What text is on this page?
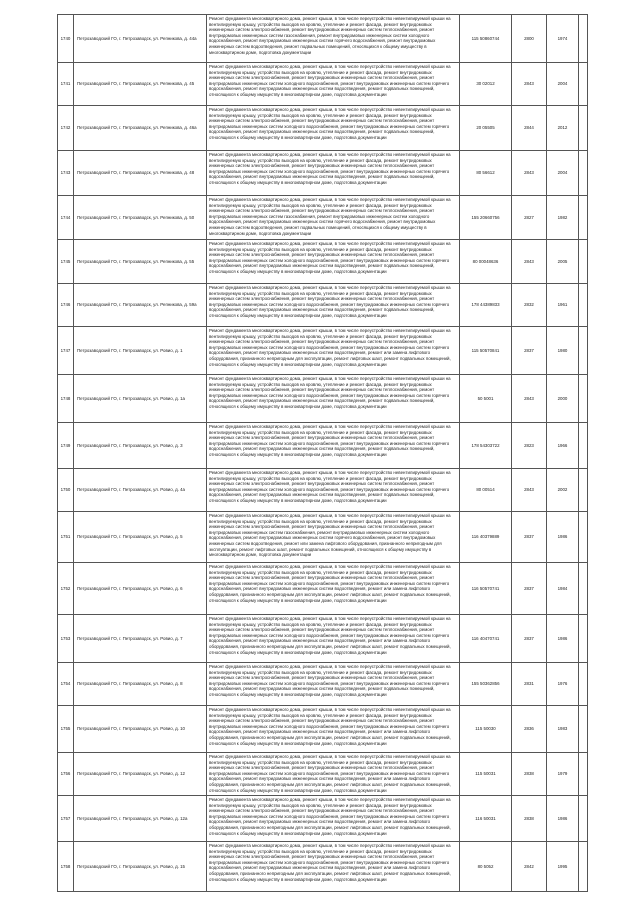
1740	Петрозаводский ГО, г. Петрозаводск, ул. Репникова, д. 44а	Ремонт фундамента многоквартирного дома, ремонт крыши, в том числе переустройство невентилируемой крыши на вентилируемую крышу, устройство выходов на кровлю, утепление и ремонт фасада, ремонт внутридомовых инженерных систем электроснабжения, ремонт внутридомовых инженерных систем теплоснабжения, ремонт внутридомовых инженерных систем газоснабжения, ремонт внутридомовых инженерных систем холодного водоснабжения, ремонт внутридомовых инженерных систем горячего водоснабжения, ремонт внутридомовых инженерных систем водоотведения, ремонт подвальных помещений, относящихся к общему имуществу в многоквартирном доме, подготовка документации	115 50860744	2800	1974	
1741	Петрозаводский ГО, г. Петрозаводск, ул. Репникова, д. 45	Ремонт фундамента многоквартирного дома, ремонт крыши, в том числе переустройство невентилируемой крыши на вентилируемую крышу, устройство выходов на кровлю, утепление и ремонт фасада, ремонт внутридомовых инженерных систем электроснабжения, ремонт внутридомовых инженерных систем теплоснабжения, ремонт внутридомовых инженерных систем холодного водоснабжения, ремонт внутридомовых инженерных систем горячего водоснабжения, ремонт внутридомовых инженерных систем водоотведения, ремонт подвальных помещений, относящихся к общему имуществу в многоквартирном доме, подготовка документации	30 02012	2843	2004	
1742	Петрозаводский ГО, г. Петрозаводск, ул. Репникова, д. 46а	Ремонт фундамента многоквартирного дома, ремонт крыши, в том числе переустройство невентилируемой крыши на вентилируемую крышу, устройство выходов на кровлю, утепление и ремонт фасада, ремонт внутридомовых инженерных систем электроснабжения, ремонт внутридомовых инженерных систем теплоснабжения, ремонт внутридомовых инженерных систем холодного водоснабжения, ремонт внутридомовых инженерных систем горячего водоснабжения, ремонт внутридомовых инженерных систем водоотведения, ремонт подвальных помещений, относящихся к общему имуществу в многоквартирном доме, подготовка документации	20 05505	2844	2012	
1743	Петрозаводский ГО, г. Петрозаводск, ул. Репникова, д. 48	Ремонт фундамента многоквартирного дома, ремонт крыши, в том числе переустройство невентилируемой крыши на вентилируемую крышу, устройство выходов на кровлю, утепление и ремонт фасада, ремонт внутридомовых инженерных систем электроснабжения, ремонт внутридомовых инженерных систем теплоснабжения, ремонт внутридомовых инженерных систем холодного водоснабжения, ремонт внутридомовых инженерных систем горячего водоснабжения, ремонт внутридомовых инженерных систем водоотведения, ремонт подвальных помещений, относящихся к общему имуществу в многоквартирном доме, подготовка документации	80 56612	2843	2004	
1744	Петрозаводский ГО, г. Петрозаводск, ул. Репникова, д. 50	Ремонт фундамента многоквартирного дома, ремонт крыши, в том числе переустройство невентилируемой крыши на вентилируемую крышу, устройство выходов на кровлю, утепление и ремонт фасада, ремонт внутридомовых инженерных систем электроснабжения, ремонт внутридомовых инженерных систем теплоснабжения, ремонт внутридомовых инженерных систем газоснабжения, ремонт внутридомовых инженерных систем холодного водоснабжения, ремонт внутридомовых инженерных систем горячего водоснабжения, ремонт внутридомовых инженерных систем водоотведения, ремонт подвальных помещений, относящихся к общему имуществу в многоквартирном доме, подготовка документации	155 20660756	2827	1982	
1745	Петрозаводский ГО, г. Петрозаводск, ул. Репникова, д. 55	Ремонт фундамента многоквартирного дома, ремонт крыши, в том числе переустройство невентилируемой крыши на вентилируемую крышу, устройство выходов на кровлю, утепление и ремонт фасада, ремонт внутридомовых инженерных систем электроснабжения, ремонт внутридомовых инженерных систем теплоснабжения, ремонт внутридомовых инженерных систем холодного водоснабжения, ремонт внутридомовых инженерных систем горячего водоснабжения, ремонт внутридомовых инженерных систем водоотведения, ремонт подвальных помещений, относящихся к общему имуществу в многоквартирном доме, подготовка документации	80 00048636	2843	2005	
1746	Петрозаводский ГО, г. Петрозаводск, ул. Репникова, д. 59а	Ремонт фундамента многоквартирного дома, ремонт крыши, в том числе переустройство невентилируемой крыши на вентилируемую крышу, устройство выходов на кровлю, утепление и ремонт фасада, ремонт внутридомовых инженерных систем электроснабжения, ремонт внутридомовых инженерных систем теплоснабжения, ремонт внутридомовых инженерных систем холодного водоснабжения, ремонт внутридомовых инженерных систем горячего водоснабжения, ремонт внутридомовых инженерных систем водоотведения, ремонт подвальных помещений, относящихся к общему имуществу в многоквартирном доме, подготовка документации	178 44389833	2832	1961	
1747	Петрозаводский ГО, г. Петрозаводск, ул. Ровио, д. 1	Ремонт фундамента многоквартирного дома, ремонт крыши, в том числе переустройство невентилируемой крыши на вентилируемую крышу, устройство выходов на кровлю, утепление и ремонт фасада, ремонт внутридомовых инженерных систем электроснабжения, ремонт внутридомовых инженерных систем теплоснабжения, ремонт внутридомовых инженерных систем холодного водоснабжения, ремонт внутридомовых инженерных систем горячего водоснабжения, ремонт внутридомовых инженерных систем водоотведения, ремонт или замена лифтового оборудования, признанного непригодным для эксплуатации, ремонт лифтовых шахт, ремонт подвальных помещений, относящихся к общему имуществу в многоквартирном доме, подготовка документации	115 50570841	2837	1980	
1748	Петрозаводский ГО, г. Петрозаводск, ул. Ровио, д. 1а	Ремонт фундамента многоквартирного дома, ремонт крыши, в том числе переустройство невентилируемой крыши на вентилируемую крышу, устройство выходов на кровлю, утепление и ремонт фасада, ремонт внутридомовых инженерных систем электроснабжения, ремонт внутридомовых инженерных систем теплоснабжения, ремонт внутридомовых инженерных систем холодного водоснабжения, ремонт внутридомовых инженерных систем горячего водоснабжения, ремонт внутридомовых инженерных систем водоотведения, ремонт подвальных помещений, относящихся к общему имуществу в многоквартирном доме, подготовка документации	50 5001	2843	2000	
1749	Петрозаводский ГО, г. Петрозаводск, ул. Ровио, д. 3	Ремонт фундамента многоквартирного дома, ремонт крыши, в том числе переустройство невентилируемой крыши на вентилируемую крышу, устройство выходов на кровлю, утепление и ремонт фасада, ремонт внутридомовых инженерных систем электроснабжения, ремонт внутридомовых инженерных систем теплоснабжения, ремонт внутридомовых инженерных систем холодного водоснабжения, ремонт внутридомовых инженерных систем горячего водоснабжения, ремонт внутридомовых инженерных систем водоотведения, ремонт подвальных помещений, относящихся к общему имуществу в многоквартирном доме, подготовка документации	178 54303722	2823	1966	
1750	Петрозаводский ГО, г. Петрозаводск, ул. Ровио, д. 4а	Ремонт фундамента многоквартирного дома, ремонт крыши, в том числе переустройство невентилируемой крыши на вентилируемую крышу, устройство выходов на кровлю, утепление и ремонт фасада, ремонт внутридомовых инженерных систем электроснабжения, ремонт внутридомовых инженерных систем теплоснабжения, ремонт внутридомовых инженерных систем холодного водоснабжения, ремонт внутридомовых инженерных систем горячего водоснабжения, ремонт внутридомовых инженерных систем водоотведения, ремонт подвальных помещений, относящихся к общему имуществу в многоквартирном доме, подготовка документации	80 00514	2843	2002	
1751	Петрозаводский ГО, г. Петрозаводск, ул. Ровио, д. 5	Ремонт фундамента многоквартирного дома, ремонт крыши, в том числе переустройство невентилируемой крыши на вентилируемую крышу, устройство выходов на кровлю, утепление и ремонт фасада, ремонт внутридомовых инженерных систем электроснабжения, ремонт внутридомовых инженерных систем теплоснабжения, ремонт внутридомовых инженерных систем газоснабжения, ремонт внутридомовых инженерных систем холодного водоснабжения, ремонт внутридомовых инженерных систем горячего водоснабжения, ремонт внутридомовых инженерных систем водоотведения, ремонт или замена лифтового оборудования, признанного непригодным для эксплуатации, ремонт лифтовых шахт, ремонт подвальных помещений, относящихся к общему имуществу в многоквартирном доме, подготовка документации	116 40379889	2837	1986	
1752	Петрозаводский ГО, г. Петрозаводск, ул. Ровио, д. 6	Ремонт фундамента многоквартирного дома, ремонт крыши, в том числе переустройство невентилируемой крыши на вентилируемую крышу, устройство выходов на кровлю, утепление и ремонт фасада, ремонт внутридомовых инженерных систем электроснабжения, ремонт внутридомовых инженерных систем теплоснабжения, ремонт внутридомовых инженерных систем холодного водоснабжения, ремонт внутридомовых инженерных систем горячего водоснабжения, ремонт внутридомовых инженерных систем водоотведения, ремонт или замена лифтового оборудования, признанного непригодным для эксплуатации, ремонт лифтовых шахт, ремонт подвальных помещений, относящихся к общему имуществу в многоквартирном доме, подготовка документации	116 50570741	2837	1984	
1753	Петрозаводский ГО, г. Петрозаводск, ул. Ровио, д. 7	Ремонт фундамента многоквартирного дома, ремонт крыши, в том числе переустройство невентилируемой крыши на вентилируемую крышу, устройство выходов на кровлю, утепление и ремонт фасада, ремонт внутридомовых инженерных систем электроснабжения, ремонт внутридомовых инженерных систем теплоснабжения, ремонт внутридомовых инженерных систем холодного водоснабжения, ремонт внутридомовых инженерных систем горячего водоснабжения, ремонт внутридомовых инженерных систем водоотведения, ремонт или замена лифтового оборудования, признанного непригодным для эксплуатации, ремонт лифтовых шахт, ремонт подвальных помещений, относящихся к общему имуществу в многоквартирном доме, подготовка документации	116 40470741	2837	1986	
1754	Петрозаводский ГО, г. Петрозаводск, ул. Ровио, д. 8	Ремонт фундамента многоквартирного дома, ремонт крыши, в том числе переустройство невентилируемой крыши на вентилируемую крышу, устройство выходов на кровлю, утепление и ремонт фасада, ремонт внутридомовых инженерных систем электроснабжения, ремонт внутридомовых инженерных систем теплоснабжения, ремонт внутридомовых инженерных систем холодного водоснабжения, ремонт внутридомовых инженерных систем горячего водоснабжения, ремонт внутридомовых инженерных систем водоотведения, ремонт подвальных помещений, относящихся к общему имуществу в многоквартирном доме, подготовка документации	155 50362856	2831	1976	
1755	Петрозаводский ГО, г. Петрозаводск, ул. Ровио, д. 10	Ремонт фундамента многоквартирного дома, ремонт крыши, в том числе переустройство невентилируемой крыши на вентилируемую крышу, устройство выходов на кровлю, утепление и ремонт фасада, ремонт внутридомовых инженерных систем электроснабжения, ремонт внутридомовых инженерных систем теплоснабжения, ремонт внутридомовых инженерных систем холодного водоснабжения, ремонт внутридомовых инженерных систем горячего водоснабжения, ремонт внутридомовых инженерных систем водоотведения, ремонт или замена лифтового оборудования, признанного непригодным для эксплуатации, ремонт лифтовых шахт, ремонт подвальных помещений, относящихся к общему имуществу в многоквартирном доме, подготовка документации	115 50030	2836	1983	
1756	Петрозаводский ГО, г. Петрозаводск, ул. Ровио, д. 12	Ремонт фундамента многоквартирного дома, ремонт крыши, в том числе переустройство невентилируемой крыши на вентилируемую крышу, устройство выходов на кровлю, утепление и ремонт фасада, ремонт внутридомовых инженерных систем электроснабжения, ремонт внутридомовых инженерных систем теплоснабжения, ремонт внутридомовых инженерных систем холодного водоснабжения, ремонт внутридомовых инженерных систем горячего водоснабжения, ремонт внутридомовых инженерных систем водоотведения, ремонт или замена лифтового оборудования, признанного непригодным для эксплуатации, ремонт лифтовых шахт, ремонт подвальных помещений, относящихся к общему имуществу в многоквартирном доме, подготовка документации	115 50031	2838	1979	
1757	Петрозаводский ГО, г. Петрозаводск, ул. Ровио, д. 12а	Ремонт фундамента многоквартирного дома, ремонт крыши, в том числе переустройство невентилируемой крыши на вентилируемую крышу, устройство выходов на кровлю, утепление и ремонт фасада, ремонт внутридомовых инженерных систем электроснабжения, ремонт внутридомовых инженерных систем теплоснабжения, ремонт внутридомовых инженерных систем холодного водоснабжения, ремонт внутридомовых инженерных систем горячего водоснабжения, ремонт внутридомовых инженерных систем водоотведения, ремонт или замена лифтового оборудования, признанного непригодным для эксплуатации, ремонт лифтовых шахт, ремонт подвальных помещений, относящихся к общему имуществу в многоквартирном доме, подготовка документации	116 50031	2838	1986	
1758	Петрозаводский ГО, г. Петрозаводск, ул. Ровио, д. 15	Ремонт фундамента многоквартирного дома, ремонт крыши, в том числе переустройство невентилируемой крыши на вентилируемую крышу, устройство выходов на кровлю, утепление и ремонт фасада, ремонт внутридомовых инженерных систем электроснабжения, ремонт внутридомовых инженерных систем теплоснабжения, ремонт внутридомовых инженерных систем холодного водоснабжения, ремонт внутридомовых инженерных систем горячего водоснабжения, ремонт внутридомовых инженерных систем водоотведения, ремонт или замена лифтового оборудования, признанного непригодным для эксплуатации, ремонт лифтовых шахт, ремонт подвальных помещений, относящихся к общему имуществу в многоквартирном доме, подготовка документации	80 5052	2842	1995	
